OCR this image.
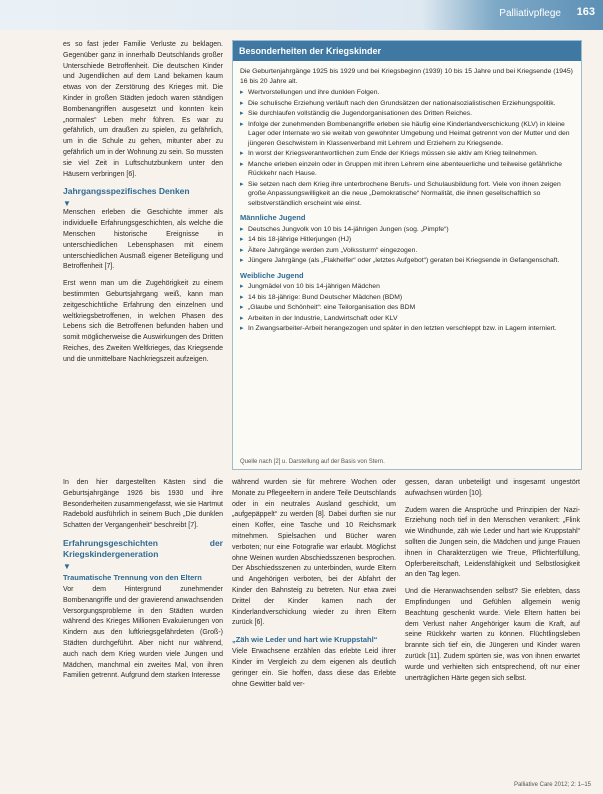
Palliativpflege 163

es so fast jeder Familie Verluste zu beklagen. Gegenüber ganz in innerhalb Deutschlands großer Unterschiede Betroffenheit. Die deutschen Kinder und Jugendlichen auf dem Land bekamen kaum etwas von der Zerstörung des Krieges mit. Die Kinder in großen Städten jedoch waren ständigen Bombenangriffen ausgesetzt und konnten kein „normales“ Leben mehr führen. Es war zu gefährlich, um draußen zu spielen, zu gefährlich, um in die Schule zu gehen, mitunter aber zu gefährlich um in der Wohnung zu sein. So mussten sie viel Zeit in Luftschutzbunkern unter den Häusern verbringen [6].

Jahrgangsspezifisches Denken
▼

Menschen erleben die Geschichte immer als individuelle Erfahrungsgeschichten, als welche die Menschen historische Ereignisse in unterschiedlichen Lebensphasen mit einem unterschiedlichen Ausmaß eigener Beteiligung und Betroffenheit [7].

Erst wenn man um die Zugehörigkeit zu einem bestimmten Geburtsjahrgang weiß, kann man zeitgeschichtliche Erfahrung den einzelnen und weltkriegsbetroffenen, in welchen Phasen des Lebens sich die Betroffenen befunden haben und somit möglicherweise die Auswirkungen des Dritten Reiches, des Zweiten Weltkrieges, das Kriegsende und die unmittelbare Nachkriegszeit aufzeigen.

Besonderheiten der Kriegskinder
Die Geburtenjahrgänge 1925 bis 1929 und bei Kriegsbeginn (1939) 10 bis 15 Jahre und bei Kriegsende (1945) 16 bis 20 Jahre alt.
▸ Wertvorstellungen und ihre dunklen Folgen.
▸ Die schulische Erziehung verläuft nach den Grundsätzen der nationalsozialistischen Erziehungspolitik.
▸ Sie durchlaufen vollständig die Jugendorganisationen des Dritten Reiches.
▸ Infolge der zunehmenden Bombenangriffe erleben sie häufig eine Kinderlandverschickung (KLV) in kleine Lager oder Internate wo sie weitab von gewohnter Umgebung und Heimat getrennt von der Mutter und den jüngeren Geschwistern in Klassenverband mit Lehrern und Erziehern zu Kriegsende.
▸ In worst der Kriegsverantwortlichen zum Ende der Kriegs müssen sie aktiv am Krieg teilnehmen.
▸ Manche erleben einzeln oder in Gruppen mit ihren Lehrern eine abenteuerliche und teilweise gefährliche Rückkehr nach Hause.
▸ Sie setzen nach dem Krieg ihre unterbrochene Berufs- und Schulausbildung fort. Viele von ihnen zeigen große Anpassungswilligkeit an die neue „Demokratische“ Normalität, die ihnen gesellschaftlich so selbstverständlich erscheint wie einst.
Männliche Jugend
▸ Deutsches Jungvolk von 10 bis 14-jährigen Jungen (sog. „Pimpfe“)
▸ 14 bis 18-jährige Hitlerjungen (HJ)
▸ Ältere Jahrgänge werden zum „Volkssturm“ eingezogen.
▸ Jüngere Jahrgänge (als „Flakhelfer“ oder „letztes Aufgebot“) geraten bei Kriegsende in Gefangenschaft.
Weibliche Jugend
▸ Jungmädel von 10 bis 14-jährigen Mädchen
▸ 14 bis 18-jährige: Bund Deutscher Mädchen (BDM)
▸ „Glaube und Schönheit“: eine Teilorganisation des BDM
▸ Arbeiten in der Industrie, Landwirtschaft oder KLV
▸ In Zwangsarbeiter-Arbeit herangezogen und später in den letzten verschleppt bzw. in Lagern interniert.
Quelle nach [2] u. Darstellung auf der Basis von Stern.

In den hier dargestellten Kästen sind die Geburtsjahrgänge 1926 bis 1930 und ihre Besonderheiten zusammengefasst, wie sie Hartmut Radebold ausführlich in seinem Buch „Die dunklen Schatten der Vergangenheit“ beschreibt [7].

Erfahrungsgeschichten der Kriegskindergeneration
▼
Traumatische Trennung von den Eltern

Vor dem Hintergrund zunehmender Bombenangriffe und der gravierend anwachsenden Versorgungsprobleme in den Städten wurden während des Krieges Millionen Evakuierungen von Kindern aus den luftkriegsgefährdeten (Groß-) Städten durchgeführt. Aber nicht nur während, auch nach dem Krieg wurden viele Jungen und Mädchen, manchmal ein zweites Mal, von ihren Familien getrennt. Aufgrund dem starken Interesse

während wurden sie für mehrere Wochen oder Monate zu Pflegeeltern in andere Teile Deutschlands oder in ein neutrales Ausland geschickt, um „aufgepäppelt“ zu werden [8]. Dabei durften sie nur einen Koffer, eine Tasche und 10 Reichsmark mitnehmen. Spielsachen und Bücher waren verboten; nur eine Fotografie war erlaubt. Möglichst ohne Weinen wurden Abschiedsszenen besprochen. Der Abschiedsszenen zu unterbinden, wurde Eltern und Angehörigen verboten, bei der Abfahrt der Kinder den Bahnsteig zu betreten. Nur etwa zwei Drittel der Kinder kamen nach der Kinderlandverschickung wieder zu ihren Eltern zurück [6].

„Zäh wie Leder und hart wie Kruppstahl“

Viele Erwachsene erzählen das erlebte Leid ihrer Kinder im Vergleich zu dem eigenen als deutlich geringer ein. Sie hoffen, dass diese das Erlebte ohne Gewitter bald ver-

gessen, daran unbeteiligt und insgesamt ungestört aufwachsen würden [10].

Zudem waren die Ansprüche und Prinzipien der Nazi-Erziehung noch tief in den Menschen verankert: „Flink wie Windhunde, zäh wie Leder und hart wie Kruppstahl“ sollten die Jungen sein, die Mädchen und junge Frauen ihnen in Charakterzügen wie Treue, Pflichterfüllung, Opferbereitschaft, Leidensfähigkeit und Selbstlosigkeit an den Tag legen.

Und die Heranwachsenden selbst? Sie erlebten, dass Empfindungen und Gefühlen allgemein wenig Beachtung geschenkt wurde. Viele Eltern hatten bei dem Verlust naher Angehöriger kaum die Kraft, auf seine Rückkehr warten zu können. Flüchtlingsleben brannte sich tief ein, die Jüngeren und Kinder waren zurück [11]. Zudem spürten sie, was von ihnen erwartet wurde und verhielten sich entsprechend, oft nur einer unerträglichen Härte gegen sich selbst.

Palliative Care 2012; 2: 1–15
